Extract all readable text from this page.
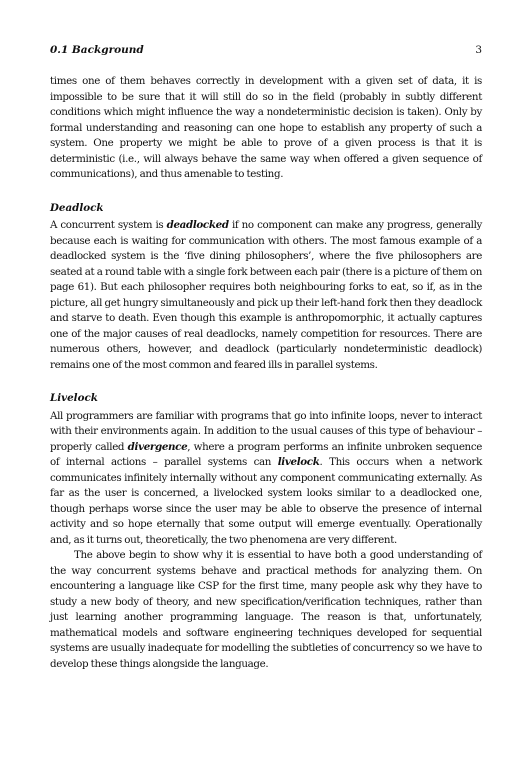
0.1 Background	3

times one of them behaves correctly in development with a given set of data, it is impossible to be sure that it will still do so in the field (probably in subtly different conditions which might influence the way a nondeterministic decision is taken). Only by formal understanding and reasoning can one hope to establish any property of such a system. One property we might be able to prove of a given process is that it is deterministic (i.e., will always behave the same way when offered a given sequence of communications), and thus amenable to testing.

Deadlock

A concurrent system is deadlocked if no component can make any progress, generally because each is waiting for communication with others. The most famous example of a deadlocked system is the ‘five dining philosophers’, where the five philosophers are seated at a round table with a single fork between each pair (there is a picture of them on page 61). But each philosopher requires both neighbouring forks to eat, so if, as in the picture, all get hungry simultaneously and pick up their left-hand fork then they deadlock and starve to death. Even though this example is anthropomorphic, it actually captures one of the major causes of real deadlocks, namely competition for resources. There are numerous others, however, and deadlock (particularly nondeterministic deadlock) remains one of the most common and feared ills in parallel systems.

Livelock

All programmers are familiar with programs that go into infinite loops, never to interact with their environments again. In addition to the usual causes of this type of behaviour – properly called divergence, where a program performs an infinite unbroken sequence of internal actions – parallel systems can livelock. This occurs when a network communicates infinitely internally without any component communicating externally. As far as the user is concerned, a livelocked system looks similar to a deadlocked one, though perhaps worse since the user may be able to observe the presence of internal activity and so hope eternally that some output will emerge eventually. Operationally and, as it turns out, theoretically, the two phenomena are very different.

The above begin to show why it is essential to have both a good understanding of the way concurrent systems behave and practical methods for analyzing them. On encountering a language like CSP for the first time, many people ask why they have to study a new body of theory, and new specification/verification techniques, rather than just learning another programming language. The reason is that, unfortunately, mathematical models and software engineering techniques developed for sequential systems are usually inadequate for modelling the subtleties of concurrency so we have to develop these things alongside the language.
